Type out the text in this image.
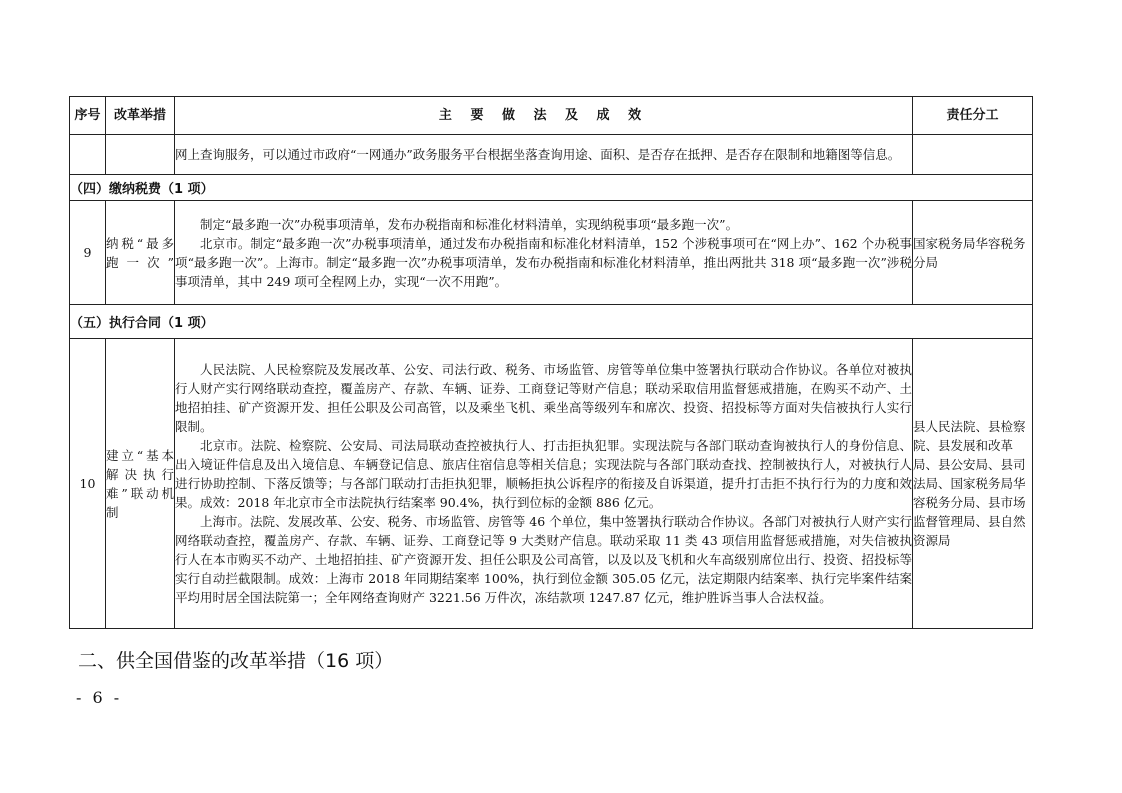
序号	改革举措	主 要 做 法 及 成 效	责任分工

		网上查询服务，可以通过市政府“一网通办”政务服务平台根据坐落查询用途、面积、是否存在抵押、是否存在限制和地籍图等信息。	

（四）缴纳税费（1 项）			
9	纳税“最多跑一次”	制定“最多跑一次”办税事项清单，发布办税指南和标准化材料清单，实现纳税事项“最多跑一次”。

北京市。制定“最多跑一次”办税事项清单，通过发布办税指南和标准化材料清单，152 个涉税事项可在“网上办”、162 个办税事项“最多跑一次”。上海市。制定“最多跑一次”办税事项清单，发布办税指南和标准化材料清单，推出两批共 318 项“最多跑一次”涉税事项清单，其中 249 项可全程网上办，实现“一次不用跑”。	国家税务局华容税务分局
（五）执行合同（1 项）			
10	建立“基本解决执行难”联动机制	人民法院、人民检察院及发展改革、公安、司法行政、税务、市场监管、房管等单位集中签署执行联动合作协议。各单位对被执行人财产实行网络联动查控，覆盖房产、存款、车辆、证券、工商登记等财产信息；联动采取信用监督惩戒措施，在购买不动产、土地招拍挂、矿产资源开发、担任公职及公司高管，以及乘坐飞机、乘坐高等级列车和席次、投资、招投标等方面对失信被执行人实行限制。

北京市。法院、检察院、公安局、司法局联动查控被执行人、打击拒执犯罪。实现法院与各部门联动查询被执行人的身份信息、出入境证件信息及出入境信息、车辆登记信息、旅店住宿信息等相关信息；实现法院与各部门联动查找、控制被执行人，对被执行人进行协助控制、下落反馈等；与各部门联动打击拒执犯罪，顺畅拒执公诉程序的衔接及自诉渠道，提升打击拒不执行行为的力度和效果。成效：2018 年北京市全市法院执行结案率 90.4%，执行到位标的金额 886 亿元。

上海市。法院、发展改革、公安、税务、市场监管、房管等 46 个单位，集中签署执行联动合作协议。各部门对被执行人财产实行网络联动查控，覆盖房产、存款、车辆、证券、工商登记等 9 大类财产信息。联动采取 11 类 43 项信用监督惩戒措施，对失信被执行人在本市购买不动产、土地招拍挂、矿产资源开发、担任公职及公司高管，以及以及飞机和火车高级别席位出行、投资、招投标等实行自动拦截限制。成效：上海市 2018 年同期结案率 100%，执行到位金额 305.05 亿元，法定期限内结案率、执行完毕案件结案平均用时居全国法院第一；全年网络查询财产 3221.56 万件次，冻结款项 1247.87 亿元，维护胜诉当事人合法权益。	县人民法院、县检察院、县发展和改革局、县公安局、县司法局、国家税务局华容税务分局、县市场监督管理局、县自然资源局
二、供全国借鉴的改革举措（16 项）
- 6 -
